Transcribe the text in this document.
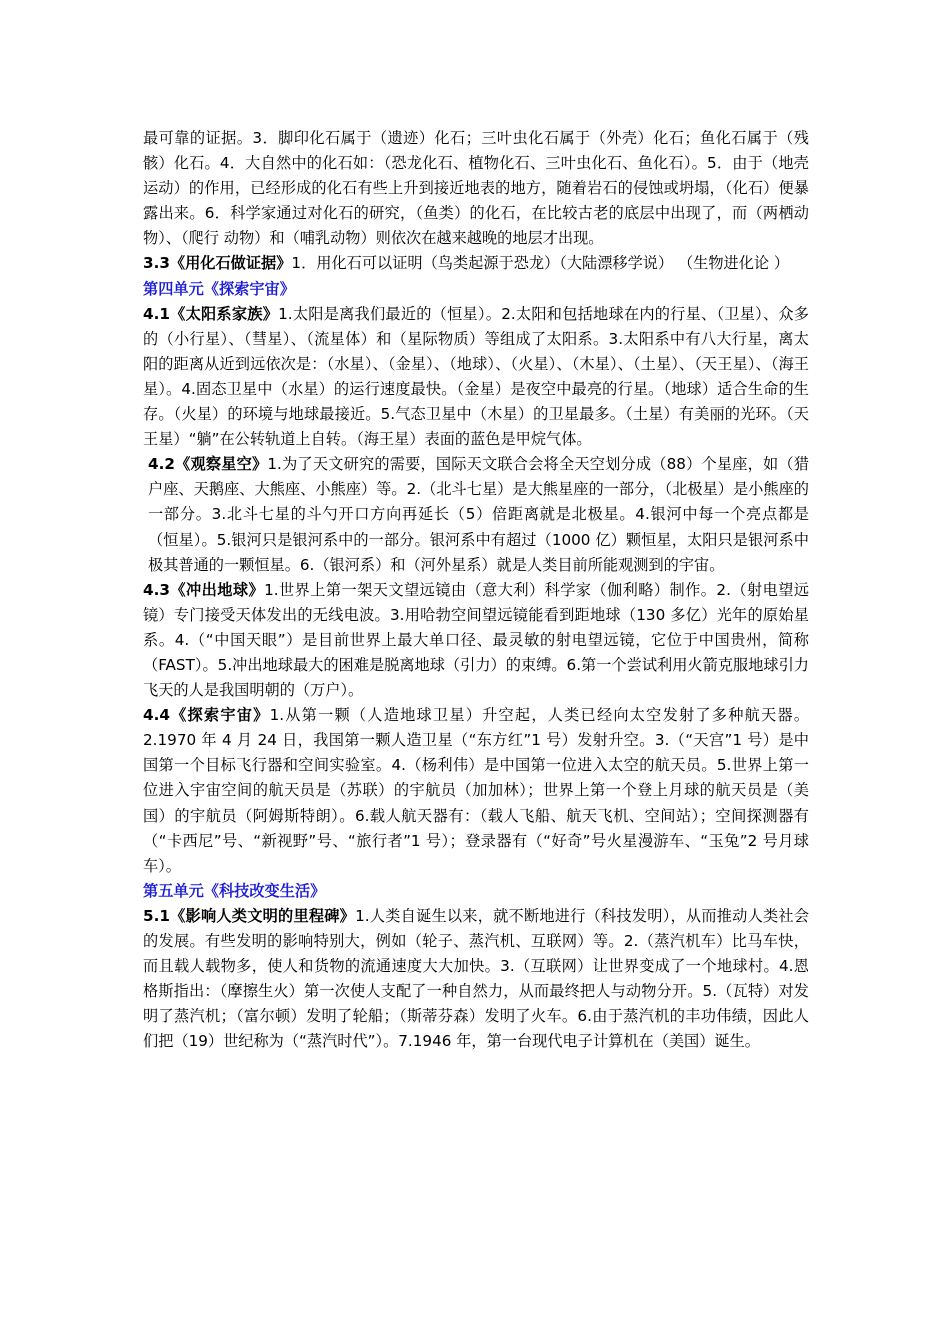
最可靠的证据。3．脚印化石属于（遗迹）化石；三叶虫化石属于（外壳）化石；鱼化石属于（残骸）化石。4．大自然中的化石如：（恐龙化石、植物化石、三叶虫化石、鱼化石）。5．由于（地壳运动）的作用，已经形成的化石有些上升到接近地表的地方，随着岩石的侵蚀或坍塌，（化石）便暴露出来。6．科学家通过对化石的研究，（鱼类）的化石，在比较古老的底层中出现了，而（两栖动物）、（爬行 动物）和（哺乳动物）则依次在越来越晚的地层才出现。

3.3《用化石做证据》1．用化石可以证明（鸟类起源于恐龙）（大陆漂移学说） （生物进化论 ）

第四单元《探索宇宙》

4.1《太阳系家族》1.太阳是离我们最近的（恒星）。2.太阳和包括地球在内的行星、（卫星）、众多的（小行星）、（彗星）、（流星体）和（星际物质）等组成了太阳系。3.太阳系中有八大行星，离太阳的距离从近到远依次是：（水星）、（金星）、（地球）、（火星）、（木星）、（土星）、（天王星）、（海王星）。4.固态卫星中（水星）的运行速度最快。（金星）是夜空中最亮的行星。（地球）适合生命的生存。（火星）的环境与地球最接近。5.气态卫星中（木星）的卫星最多。（土星）有美丽的光环。（天王星）“躺”在公转轨道上自转。（海王星）表面的蓝色是甲烷气体。

4.2《观察星空》1.为了天文研究的需要，国际天文联合会将全天空划分成（88）个星座，如（猎户座、天鹅座、大熊座、小熊座）等。2.（北斗七星）是大熊星座的一部分，（北极星）是小熊座的一部分。3.北斗七星的斗勺开口方向再延长（5）倍距离就是北极星。4.银河中每一个亮点都是（恒星）。5.银河只是银河系中的一部分。银河系中有超过（1000 亿）颗恒星，太阳只是银河系中极其普通的一颗恒星。6.（银河系）和（河外星系）就是人类目前所能观测到的宇宙。

4.3《冲出地球》1.世界上第一架天文望远镜由（意大利）科学家（伽利略）制作。2.（射电望远镜）专门接受天体发出的无线电波。3.用哈勃空间望远镜能看到距地球（130 多亿）光年的原始星系。4.（“中国天眼”）是目前世界上最大单口径、最灵敏的射电望远镜，它位于中国贵州，简称（FAST）。5.冲出地球最大的困难是脱离地球（引力）的束缚。6.第一个尝试利用火箭克服地球引力飞天的人是我国明朝的（万户）。

4.4《探索宇宙》1.从第一颗（人造地球卫星）升空起，人类已经向太空发射了多种航天器。2.1970 年 4 月 24 日，我国第一颗人造卫星（“东方红”1 号）发射升空。3.（“天宫”1 号）是中国第一个目标飞行器和空间实验室。4.（杨利伟）是中国第一位进入太空的航天员。5.世界上第一位进入宇宙空间的航天员是（苏联）的宇航员（加加林）；世界上第一个登上月球的航天员是（美国）的宇航员（阿姆斯特朗）。6.载人航天器有：（载人飞船、航天飞机、空间站）；空间探测器有（“卡西尼”号、“新视野”号、“旅行者”1 号）；登录器有（“好奇”号火星漫游车、“玉兔”2 号月球车）。

第五单元《科技改变生活》

5.1《影响人类文明的里程碑》1.人类自诞生以来，就不断地进行（科技发明），从而推动人类社会的发展。有些发明的影响特别大，例如（轮子、蒸汽机、互联网）等。2.（蒸汽机车）比马车快，而且载人载物多，使人和货物的流通速度大大加快。3.（互联网）让世界变成了一个地球村。4.恩格斯指出：（摩擦生火）第一次使人支配了一种自然力，从而最终把人与动物分开。5.（瓦特）对发明了蒸汽机；（富尔顿）发明了轮船；（斯蒂芬森）发明了火车。6.由于蒸汽机的丰功伟绩，因此人们把（19）世纪称为（“蒸汽时代”）。7.1946 年，第一台现代电子计算机在（美国）诞生。
